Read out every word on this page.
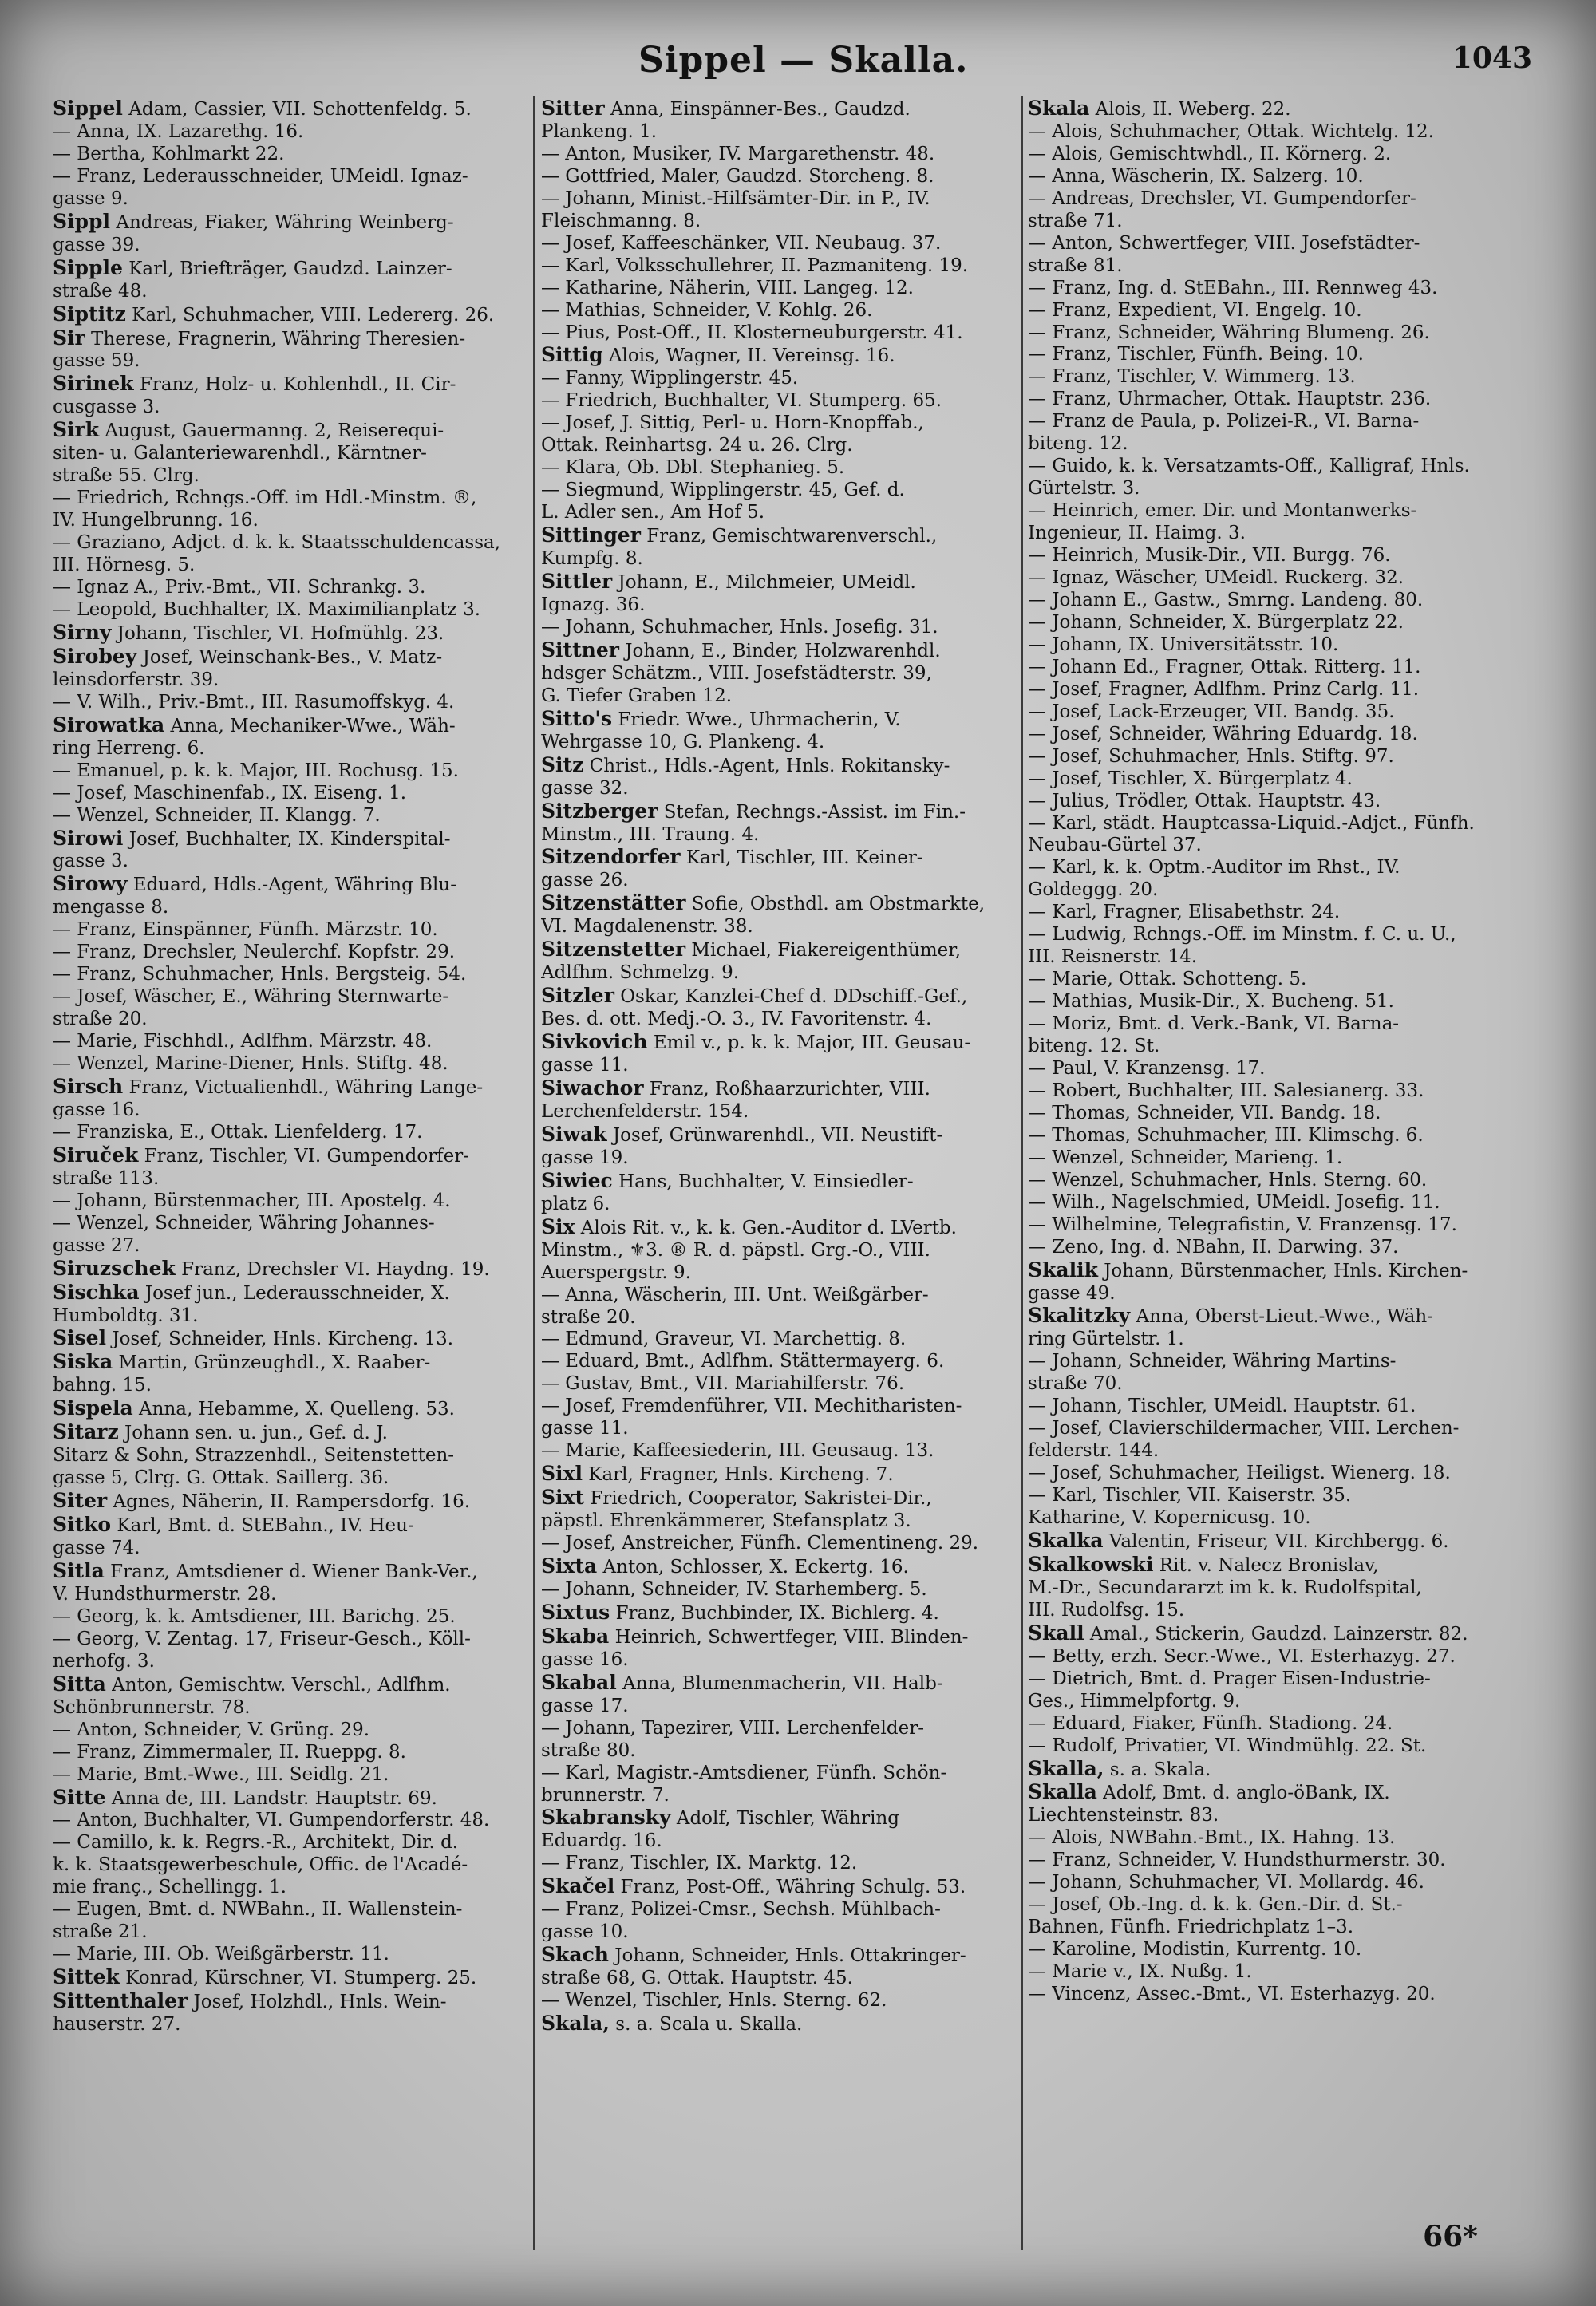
Sippel — Skalla.	1043

Sippel Adam, Cassier, VII. Schottenfeldg. 5.

— Anna, IX. Lazarethg. 16.

— Bertha, Kohlmarkt 22.

— Franz, Lederausschneider, UMeidl. Ignaz-

gasse 9.

Sippl Andreas, Fiaker, Währing Weinberg-

gasse 39.

Sipple Karl, Briefträger, Gaudzd. Lainzer-

straße 48.

Siptitz Karl, Schuhmacher, VIII. Ledererg. 26.

Sir Therese, Fragnerin, Währing Theresien-

gasse 59.

Sirinek Franz, Holz- u. Kohlenhdl., II. Cir-

cusgasse 3.

Sirk August, Gauermanng. 2, Reiserequi-

siten- u. Galanteriewarenhdl., Kärntner-

straße 55. Clrg.

— Friedrich, Rchngs.-Off. im Hdl.-Minstm. ®,

IV. Hungelbrunng. 16.

— Graziano, Adjct. d. k. k. Staatsschuldencassa,

III. Hörnesg. 5.

— Ignaz A., Priv.-Bmt., VII. Schrankg. 3.

— Leopold, Buchhalter, IX. Maximilianplatz 3.

Sirny Johann, Tischler, VI. Hofmühlg. 23.

Sirobey Josef, Weinschank-Bes., V. Matz-

leinsdorferstr. 39.

— V. Wilh., Priv.-Bmt., III. Rasumoffskyg. 4.

Sirowatka Anna, Mechaniker-Wwe., Wäh-

ring Herreng. 6.

— Emanuel, p. k. k. Major, III. Rochusg. 15.

— Josef, Maschinenfab., IX. Eiseng. 1.

— Wenzel, Schneider, II. Klangg. 7.

Sirowi Josef, Buchhalter, IX. Kinderspital-

gasse 3.

Sirowy Eduard, Hdls.-Agent, Währing Blu-

mengasse 8.

— Franz, Einspänner, Fünfh. Märzstr. 10.

— Franz, Drechsler, Neulerchf. Kopfstr. 29.

— Franz, Schuhmacher, Hnls. Bergsteig. 54.

— Josef, Wäscher, E., Währing Sternwarte-

straße 20.

— Marie, Fischhdl., Adlfhm. Märzstr. 48.

— Wenzel, Marine-Diener, Hnls. Stiftg. 48.

Sirsch Franz, Victualienhdl., Währing Lange-

gasse 16.

— Franziska, E., Ottak. Lienfelderg. 17.

Siruček Franz, Tischler, VI. Gumpendorfer-

straße 113.

— Johann, Bürstenmacher, III. Apostelg. 4.

— Wenzel, Schneider, Währing Johannes-

gasse 27.

Siruzschek Franz, Drechsler VI. Haydng. 19.

Sischka Josef jun., Lederausschneider, X.

Humboldtg. 31.

Sisel Josef, Schneider, Hnls. Kircheng. 13.

Siska Martin, Grünzeughdl., X. Raaber-

bahng. 15.

Sispela Anna, Hebamme, X. Quelleng. 53.

Sitarz Johann sen. u. jun., Gef. d. J.

Sitarz & Sohn, Strazzenhdl., Seitenstetten-

gasse 5, Clrg. G. Ottak. Saillerg. 36.

Siter Agnes, Näherin, II. Rampersdorfg. 16.

Sitko Karl, Bmt. d. StEBahn., IV. Heu-

gasse 74.

Sitla Franz, Amtsdiener d. Wiener Bank-Ver.,

V. Hundsthurmerstr. 28.

— Georg, k. k. Amtsdiener, III. Barichg. 25.

— Georg, V. Zentag. 17, Friseur-Gesch., Köll-

nerhofg. 3.

Sitta Anton, Gemischtw. Verschl., Adlfhm.

Schönbrunnerstr. 78.

— Anton, Schneider, V. Grüng. 29.

— Franz, Zimmermaler, II. Rueppg. 8.

— Marie, Bmt.-Wwe., III. Seidlg. 21.

Sitte Anna de, III. Landstr. Hauptstr. 69.

— Anton, Buchhalter, VI. Gumpendorferstr. 48.

— Camillo, k. k. Regrs.-R., Architekt, Dir. d.

k. k. Staatsgewerbeschule, Offic. de l'Acadé-

mie franç., Schellingg. 1.

— Eugen, Bmt. d. NWBahn., II. Wallenstein-

straße 21.

— Marie, III. Ob. Weißgärberstr. 11.

Sittek Konrad, Kürschner, VI. Stumperg. 25.

Sittenthaler Josef, Holzhdl., Hnls. Wein-

hauserstr. 27.

Sitter Anna, Einspänner-Bes., Gaudzd.

Plankeng. 1.

— Anton, Musiker, IV. Margarethenstr. 48.

— Gottfried, Maler, Gaudzd. Storcheng. 8.

— Johann, Minist.-Hilfsämter-Dir. in P., IV.

Fleischmanng. 8.

— Josef, Kaffeeschänker, VII. Neubaug. 37.

— Karl, Volksschullehrer, II. Pazmaniteng. 19.

— Katharine, Näherin, VIII. Langeg. 12.

— Mathias, Schneider, V. Kohlg. 26.

— Pius, Post-Off., II. Klosterneuburgerstr. 41.

Sittig Alois, Wagner, II. Vereinsg. 16.

— Fanny, Wipplingerstr. 45.

— Friedrich, Buchhalter, VI. Stumperg. 65.

— Josef, J. Sittig, Perl- u. Horn-Knopffab.,

Ottak. Reinhartsg. 24 u. 26. Clrg.

— Klara, Ob. Dbl. Stephanieg. 5.

— Siegmund, Wipplingerstr. 45, Gef. d.

L. Adler sen., Am Hof 5.

Sittinger Franz, Gemischtwarenverschl.,

Kumpfg. 8.

Sittler Johann, E., Milchmeier, UMeidl.

Ignazg. 36.

— Johann, Schuhmacher, Hnls. Josefig. 31.

Sittner Johann, E., Binder, Holzwarenhdl.

hdsger Schätzm., VIII. Josefstädterstr. 39,

G. Tiefer Graben 12.

Sitto's Friedr. Wwe., Uhrmacherin, V.

Wehrgasse 10, G. Plankeng. 4.

Sitz Christ., Hdls.-Agent, Hnls. Rokitansky-

gasse 32.

Sitzberger Stefan, Rechngs.-Assist. im Fin.-

Minstm., III. Traung. 4.

Sitzendorfer Karl, Tischler, III. Keiner-

gasse 26.

Sitzenstätter Sofie, Obsthdl. am Obstmarkte,

VI. Magdalenenstr. 38.

Sitzenstetter Michael, Fiakereigenthümer,

Adlfhm. Schmelzg. 9.

Sitzler Oskar, Kanzlei-Chef d. DDschiff.-Gef.,

Bes. d. ott. Medj.-O. 3., IV. Favoritenstr. 4.

Sivkovich Emil v., p. k. k. Major, III. Geusau-

gasse 11.

Siwachor Franz, Roßhaarzurichter, VIII.

Lerchenfelderstr. 154.

Siwak Josef, Grünwarenhdl., VII. Neustift-

gasse 19.

Siwiec Hans, Buchhalter, V. Einsiedler-

platz 6.

Six Alois Rit. v., k. k. Gen.-Auditor d. LVertb.

Minstm., ⚜3. ® R. d. päpstl. Grg.-O., VIII.

Auerspergstr. 9.

— Anna, Wäscherin, III. Unt. Weißgärber-

straße 20.

— Edmund, Graveur, VI. Marchettig. 8.

— Eduard, Bmt., Adlfhm. Stättermayerg. 6.

— Gustav, Bmt., VII. Mariahilferstr. 76.

— Josef, Fremdenführer, VII. Mechitharisten-

gasse 11.

— Marie, Kaffeesiederin, III. Geusaug. 13.

Sixl Karl, Fragner, Hnls. Kircheng. 7.

Sixt Friedrich, Cooperator, Sakristei-Dir.,

päpstl. Ehrenkämmerer, Stefansplatz 3.

— Josef, Anstreicher, Fünfh. Clementineng. 29.

Sixta Anton, Schlosser, X. Eckertg. 16.

— Johann, Schneider, IV. Starhemberg. 5.

Sixtus Franz, Buchbinder, IX. Bichlerg. 4.

Skaba Heinrich, Schwertfeger, VIII. Blinden-

gasse 16.

Skabal Anna, Blumenmacherin, VII. Halb-

gasse 17.

— Johann, Tapezirer, VIII. Lerchenfelder-

straße 80.

— Karl, Magistr.-Amtsdiener, Fünfh. Schön-

brunnerstr. 7.

Skabransky Adolf, Tischler, Währing

Eduardg. 16.

— Franz, Tischler, IX. Marktg. 12.

Skačel Franz, Post-Off., Währing Schulg. 53.

— Franz, Polizei-Cmsr., Sechsh. Mühlbach-

gasse 10.

Skach Johann, Schneider, Hnls. Ottakringer-

straße 68, G. Ottak. Hauptstr. 45.

— Wenzel, Tischler, Hnls. Sterng. 62.

Skala, s. a. Scala u. Skalla.

Skala Alois, II. Weberg. 22.

— Alois, Schuhmacher, Ottak. Wichtelg. 12.

— Alois, Gemischtwhdl., II. Körnerg. 2.

— Anna, Wäscherin, IX. Salzerg. 10.

— Andreas, Drechsler, VI. Gumpendorfer-

straße 71.

— Anton, Schwertfeger, VIII. Josefstädter-

straße 81.

— Franz, Ing. d. StEBahn., III. Rennweg 43.

— Franz, Expedient, VI. Engelg. 10.

— Franz, Schneider, Währing Blumeng. 26.

— Franz, Tischler, Fünfh. Being. 10.

— Franz, Tischler, V. Wimmerg. 13.

— Franz, Uhrmacher, Ottak. Hauptstr. 236.

— Franz de Paula, p. Polizei-R., VI. Barna-

biteng. 12.

— Guido, k. k. Versatzamts-Off., Kalligraf, Hnls.

Gürtelstr. 3.

— Heinrich, emer. Dir. und Montanwerks-

Ingenieur, II. Haimg. 3.

— Heinrich, Musik-Dir., VII. Burgg. 76.

— Ignaz, Wäscher, UMeidl. Ruckerg. 32.

— Johann E., Gastw., Smrng. Landeng. 80.

— Johann, Schneider, X. Bürgerplatz 22.

— Johann, IX. Universitätsstr. 10.

— Johann Ed., Fragner, Ottak. Ritterg. 11.

— Josef, Fragner, Adlfhm. Prinz Carlg. 11.

— Josef, Lack-Erzeuger, VII. Bandg. 35.

— Josef, Schneider, Währing Eduardg. 18.

— Josef, Schuhmacher, Hnls. Stiftg. 97.

— Josef, Tischler, X. Bürgerplatz 4.

— Julius, Trödler, Ottak. Hauptstr. 43.

— Karl, städt. Hauptcassa-Liquid.-Adjct., Fünfh.

Neubau-Gürtel 37.

— Karl, k. k. Optm.-Auditor im Rhst., IV.

Goldeggg. 20.

— Karl, Fragner, Elisabethstr. 24.

— Ludwig, Rchngs.-Off. im Minstm. f. C. u. U.,

III. Reisnerstr. 14.

— Marie, Ottak. Schotteng. 5.

— Mathias, Musik-Dir., X. Bucheng. 51.

— Moriz, Bmt. d. Verk.-Bank, VI. Barna-

biteng. 12. St.

— Paul, V. Kranzensg. 17.

— Robert, Buchhalter, III. Salesianerg. 33.

— Thomas, Schneider, VII. Bandg. 18.

— Thomas, Schuhmacher, III. Klimschg. 6.

— Wenzel, Schneider, Marieng. 1.

— Wenzel, Schuhmacher, Hnls. Sterng. 60.

— Wilh., Nagelschmied, UMeidl. Josefig. 11.

— Wilhelmine, Telegrafistin, V. Franzensg. 17.

— Zeno, Ing. d. NBahn, II. Darwing. 37.

Skalik Johann, Bürstenmacher, Hnls. Kirchen-

gasse 49.

Skalitzky Anna, Oberst-Lieut.-Wwe., Wäh-

ring Gürtelstr. 1.

— Johann, Schneider, Währing Martins-

straße 70.

— Johann, Tischler, UMeidl. Hauptstr. 61.

— Josef, Clavierschildermacher, VIII. Lerchen-

felderstr. 144.

— Josef, Schuhmacher, Heiligst. Wienerg. 18.

— Karl, Tischler, VII. Kaiserstr. 35.

Katharine, V. Kopernicusg. 10.

Skalka Valentin, Friseur, VII. Kirchbergg. 6.

Skalkowski Rit. v. Nalecz Bronislav,

M.-Dr., Secundararzt im k. k. Rudolfspital,

III. Rudolfsg. 15.

Skall Amal., Stickerin, Gaudzd. Lainzerstr. 82.

— Betty, erzh. Secr.-Wwe., VI. Esterhazyg. 27.

— Dietrich, Bmt. d. Prager Eisen-Industrie-

Ges., Himmelpfortg. 9.

— Eduard, Fiaker, Fünfh. Stadiong. 24.

— Rudolf, Privatier, VI. Windmühlg. 22. St.

Skalla, s. a. Skala.

Skalla Adolf, Bmt. d. anglo-öBank, IX.

Liechtensteinstr. 83.

— Alois, NWBahn.-Bmt., IX. Hahng. 13.

— Franz, Schneider, V. Hundsthurmerstr. 30.

— Johann, Schuhmacher, VI. Mollardg. 46.

— Josef, Ob.-Ing. d. k. k. Gen.-Dir. d. St.-

Bahnen, Fünfh. Friedrichplatz 1–3.

— Karoline, Modistin, Kurrentg. 10.

— Marie v., IX. Nußg. 1.

— Vincenz, Assec.-Bmt., VI. Esterhazyg. 20.

66*
